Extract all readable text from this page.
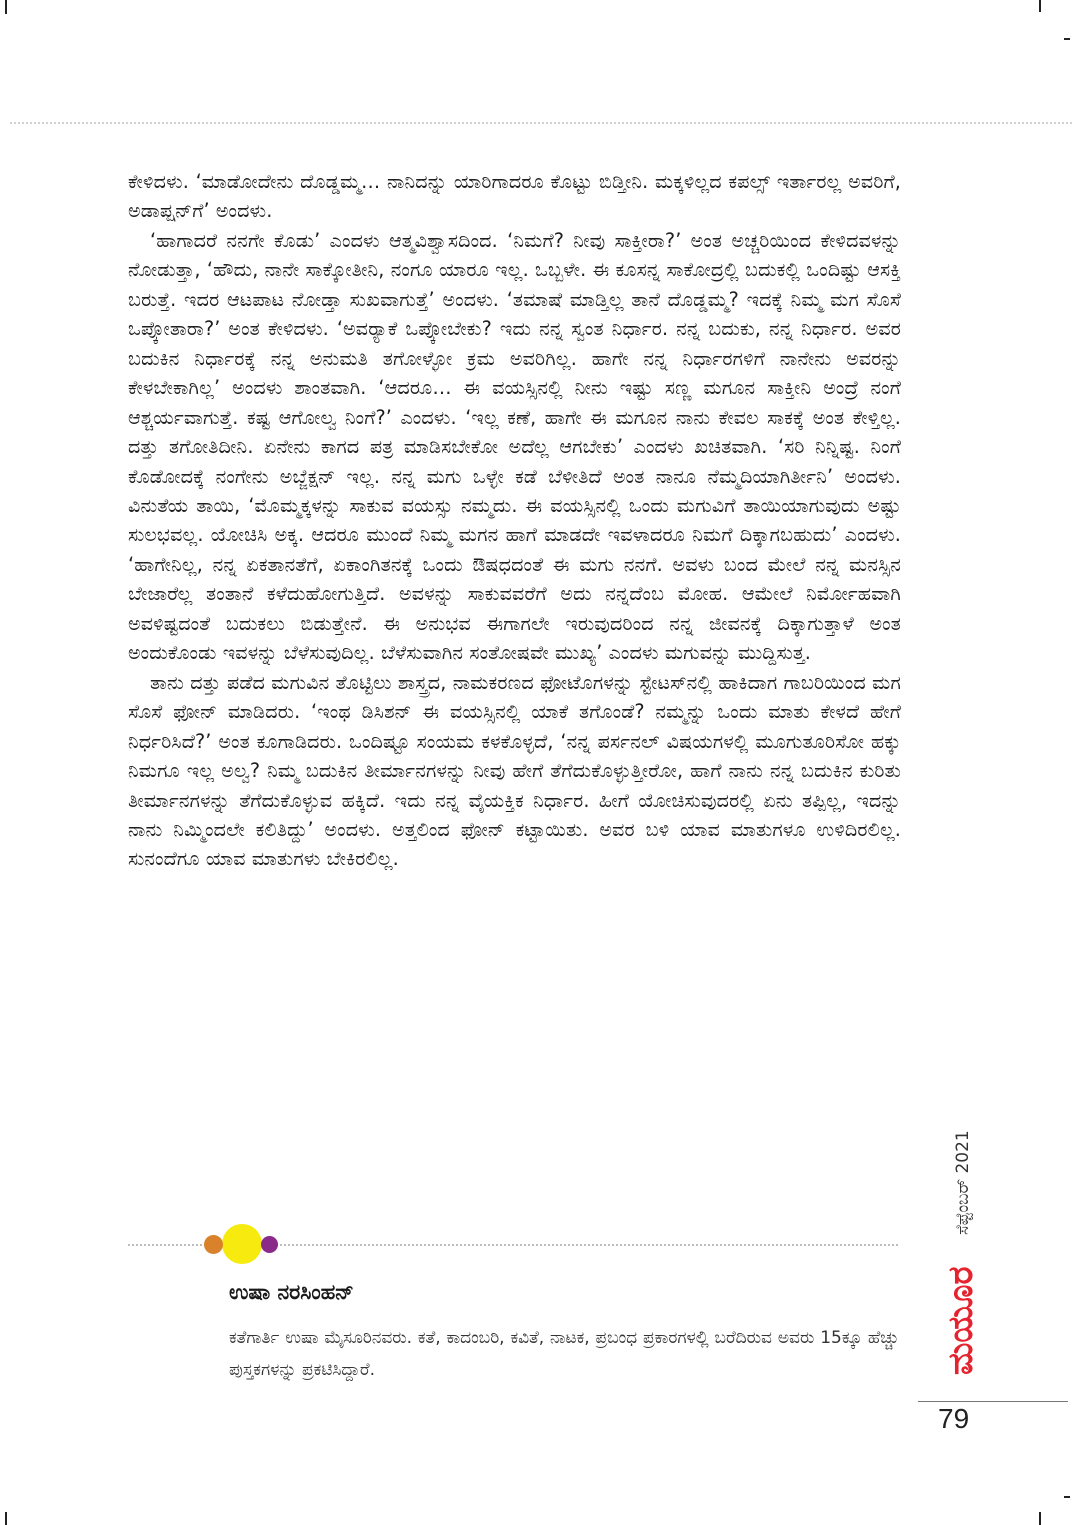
ಕೇಳಿದಳು. ‘ಮಾಡೋದೇನು ದೊಡ್ಡಮ್ಮ… ನಾನಿದನ್ನು ಯಾರಿಗಾದರೂ ಕೊಟ್ಟು ಬಿಡ್ತೀನಿ. ಮಕ್ಕಳಿಲ್ಲದ ಕಪಲ್ಸ್ ಇರ್ತಾರಲ್ಲ ಅವರಿಗೆ, ಅಡಾಪ್ಷನ್‌ಗೆ’ ಅಂದಳು.

‘ಹಾಗಾದರೆ ನನಗೇ ಕೊಡು’ ಎಂದಳು ಆತ್ಮವಿಶ್ವಾಸದಿಂದ. ‘ನಿಮಗೆ? ನೀವು ಸಾಕ್ತೀರಾ?’ ಅಂತ ಅಚ್ಚರಿಯಿಂದ ಕೇಳಿದವಳನ್ನು ನೋಡುತ್ತಾ, ‘ಹೌದು, ನಾನೇ ಸಾಕ್ಕೋತೀನಿ, ನಂಗೂ ಯಾರೂ ಇಲ್ಲ. ಒಬ್ಬಳೇ. ಈ ಕೂಸನ್ನ ಸಾಕೋದ್ರಲ್ಲಿ ಬದುಕಲ್ಲಿ ಒಂದಿಷ್ಟು ಆಸಕ್ತಿ ಬರುತ್ತೆ. ಇದರ ಆಟಪಾಟ ನೋಡ್ತಾ ಸುಖವಾಗುತ್ತೆ’ ಅಂದಳು. ‘ತಮಾಷೆ ಮಾಡ್ತಿಲ್ಲ ತಾನೆ ದೊಡ್ಡಮ್ಮ? ಇದಕ್ಕೆ ನಿಮ್ಮ ಮಗ ಸೊಸೆ ಒಪ್ಕೋತಾರಾ?’ ಅಂತ ಕೇಳಿದಳು. ‘ಅವರ್‍ಯಾಕೆ ಒಪ್ಕೋಬೇಕು? ಇದು ನನ್ನ ಸ್ವಂತ ನಿರ್ಧಾರ. ನನ್ನ ಬದುಕು, ನನ್ನ ನಿರ್ಧಾರ. ಅವರ ಬದುಕಿನ ನಿರ್ಧಾರಕ್ಕೆ ನನ್ನ ಅನುಮತಿ ತಗೋಳ್ಳೋ ಕ್ರಮ ಅವರಿಗಿಲ್ಲ. ಹಾಗೇ ನನ್ನ ನಿರ್ಧಾರಗಳಿಗೆ ನಾನೇನು ಅವರನ್ನು ಕೇಳಬೇಕಾಗಿಲ್ಲ’ ಅಂದಳು ಶಾಂತವಾಗಿ. ‘ಆದರೂ… ಈ ವಯಸ್ಸಿನಲ್ಲಿ ನೀನು ಇಷ್ಟು ಸಣ್ಣ ಮಗೂನ ಸಾಕ್ತೀನಿ ಅಂದ್ರೆ ನಂಗೆ ಆಶ್ಚರ್ಯವಾಗುತ್ತೆ. ಕಷ್ಟ ಆಗೋಲ್ವ ನಿಂಗೆ?’ ಎಂದಳು. ‘ಇಲ್ಲ ಕಣೆ, ಹಾಗೇ ಈ ಮಗೂನ ನಾನು ಕೇವಲ ಸಾಕಕ್ಕೆ ಅಂತ ಕೇಳ್ತಿಲ್ಲ. ದತ್ತು ತಗೋತಿದೀನಿ. ಏನೇನು ಕಾಗದ ಪತ್ರ ಮಾಡಿಸಬೇಕೋ ಅದೆಲ್ಲ ಆಗಬೇಕು’ ಎಂದಳು ಖಚಿತವಾಗಿ. ‘ಸರಿ ನಿನ್ನಿಷ್ಟ. ನಿಂಗೆ ಕೊಡೋದಕ್ಕೆ ನಂಗೇನು ಅಬ್ಜೆಕ್ಷನ್ ಇಲ್ಲ. ನನ್ನ ಮಗು ಒಳ್ಳೇ ಕಡೆ ಬೆಳೀತಿದೆ ಅಂತ ನಾನೂ ನೆಮ್ಮದಿಯಾಗಿರ್ತೀನಿ’ ಅಂದಳು. ವಿನುತೆಯ ತಾಯಿ, ‘ಮೊಮ್ಮಕ್ಕಳನ್ನು ಸಾಕುವ ವಯಸ್ಸು ನಮ್ಮದು. ಈ ವಯಸ್ಸಿನಲ್ಲಿ ಒಂದು ಮಗುವಿಗೆ ತಾಯಿಯಾಗುವುದು ಅಷ್ಟು ಸುಲಭವಲ್ಲ. ಯೋಚಿಸಿ ಅಕ್ಕ. ಆದರೂ ಮುಂದೆ ನಿಮ್ಮ ಮಗನ ಹಾಗೆ ಮಾಡದೇ ಇವಳಾದರೂ ನಿಮಗೆ ದಿಕ್ಕಾಗಬಹುದು’ ಎಂದಳು. ‘ಹಾಗೇನಿಲ್ಲ, ನನ್ನ ಏಕತಾನತೆಗೆ, ಏಕಾಂಗಿತನಕ್ಕೆ ಒಂದು ಔಷಧದಂತೆ ಈ ಮಗು ನನಗೆ. ಅವಳು ಬಂದ ಮೇಲೆ ನನ್ನ ಮನಸ್ಸಿನ ಬೇಜಾರೆಲ್ಲ ತಂತಾನೆ ಕಳೆದುಹೋಗುತ್ತಿದೆ. ಅವಳನ್ನು ಸಾಕುವವರೆಗೆ ಅದು ನನ್ನದೆಂಬ ಮೋಹ. ಆಮೇಲೆ ನಿರ್ಮೋಹವಾಗಿ ಅವಳಿಷ್ಟದಂತೆ ಬದುಕಲು ಬಿಡುತ್ತೇನೆ. ಈ ಅನುಭವ ಈಗಾಗಲೇ ಇರುವುದರಿಂದ ನನ್ನ ಜೀವನಕ್ಕೆ ದಿಕ್ಕಾಗುತ್ತಾಳೆ ಅಂತ ಅಂದುಕೊಂಡು ಇವಳನ್ನು ಬೆಳೆಸುವುದಿಲ್ಲ. ಬೆಳೆಸುವಾಗಿನ ಸಂತೋಷವೇ ಮುಖ್ಯ’ ಎಂದಳು ಮಗುವನ್ನು ಮುದ್ದಿಸುತ್ತ.

ತಾನು ದತ್ತು ಪಡೆದ ಮಗುವಿನ ತೊಟ್ಟಿಲು ಶಾಸ್ತ್ರದ, ನಾಮಕರಣದ ಫೋಟೊಗಳನ್ನು ಸ್ಟೇಟಸ್‌ನಲ್ಲಿ ಹಾಕಿದಾಗ ಗಾಬರಿಯಿಂದ ಮಗ ಸೊಸೆ ಫೋನ್ ಮಾಡಿದರು. ‘ಇಂಥ ಡಿಸಿಶನ್ ಈ ವಯಸ್ಸಿನಲ್ಲಿ ಯಾಕೆ ತಗೊಂಡೆ? ನಮ್ಮನ್ನು ಒಂದು ಮಾತು ಕೇಳದೆ ಹೇಗೆ ನಿರ್ಧರಿಸಿದೆ?’ ಅಂತ ಕೂಗಾಡಿದರು. ಒಂದಿಷ್ಟೂ ಸಂಯಮ ಕಳಕೊಳ್ಳದೆ, ‘ನನ್ನ ಪರ್ಸನಲ್ ವಿಷಯಗಳಲ್ಲಿ ಮೂಗುತೂರಿಸೋ ಹಕ್ಕು ನಿಮಗೂ ಇಲ್ಲ ಅಲ್ವ? ನಿಮ್ಮ ಬದುಕಿನ ತೀರ್ಮಾನಗಳನ್ನು ನೀವು ಹೇಗೆ ತೆಗೆದುಕೊಳ್ಳುತ್ತೀರೋ, ಹಾಗೆ ನಾನು ನನ್ನ ಬದುಕಿನ ಕುರಿತು ತೀರ್ಮಾನಗಳನ್ನು ತೆಗೆದುಕೊಳ್ಳುವ ಹಕ್ಕಿದೆ. ಇದು ನನ್ನ ವೈಯಕ್ತಿಕ ನಿರ್ಧಾರ. ಹೀಗೆ ಯೋಚಿಸುವುದರಲ್ಲಿ ಏನು ತಪ್ಪಿಲ್ಲ, ಇದನ್ನು ನಾನು ನಿಮ್ಮಿಂದಲೇ ಕಲಿತಿದ್ದು’ ಅಂದಳು. ಅತ್ತಲಿಂದ ಫೋನ್ ಕಟ್ಟಾಯಿತು. ಅವರ ಬಳಿ ಯಾವ ಮಾತುಗಳೂ ಉಳಿದಿರಲಿಲ್ಲ. ಸುನಂದೆಗೂ ಯಾವ ಮಾತುಗಳು ಬೇಕಿರಲಿಲ್ಲ.

ಉಷಾ ನರಸಿಂಹನ್

ಕತೆಗಾರ್ತಿ ಉಷಾ ಮೈಸೂರಿನವರು. ಕತೆ, ಕಾದಂಬರಿ, ಕವಿತೆ, ನಾಟಕ, ಪ್ರಬಂಧ ಪ್ರಕಾರಗಳಲ್ಲಿ ಬರೆದಿರುವ ಅವರು 15ಕ್ಕೂ ಹೆಚ್ಚು ಪುಸ್ತಕಗಳನ್ನು ಪ್ರಕಟಿಸಿದ್ದಾರೆ.

ಸೆಪ್ಟೆಂಬರ್ 2021
ಮಯೂರ
79
